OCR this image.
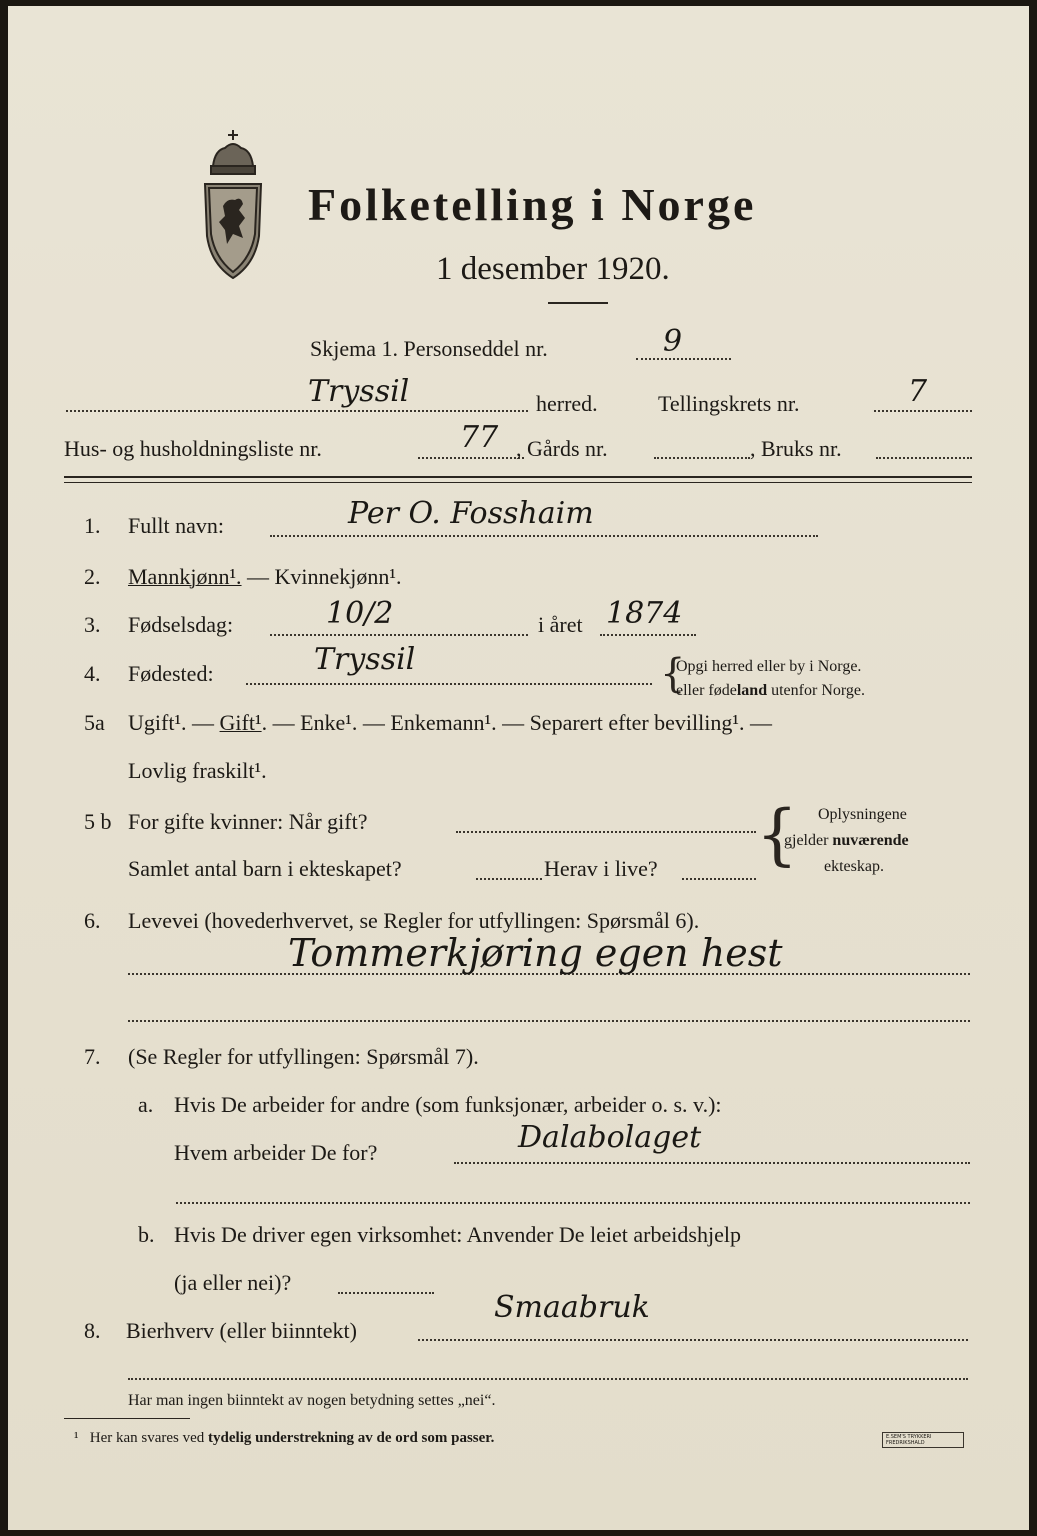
Folketelling i Norge
1 desember 1920.
Skjema 1. Personseddel nr.	9
Tryssil	herred.	Tellingskrets nr.	7
Hus- og husholdningsliste nr.	77 , Gårds nr.	, Bruks nr.
1. Fullt navn:	Per O. Fosshaim
2. Mannkjønn¹. — Kvinnekjønn¹.
3. Fødselsdag:	10/2	i året 1874
4. Fødested:	Tryssil	{
Opgi herred eller by i Norge.
eller fødeland utenfor Norge.
5a Ugift¹. — Gift¹. — Enke¹. — Enkemann¹. — Separert efter bevilling¹. —
Lovlig fraskilt¹.
5 b For gifte kvinner: Når gift?
Samlet antal barn i ekteskapet?	Herav i live? { Oplysningene
gjelder nuværende
ekteskap.
6. Levevei (hovederhvervet, se Regler for utfyllingen: Spørsmål 6).
Tommerkjøring egen hest
7. (Se Regler for utfyllingen: Spørsmål 7).
a. Hvis De arbeider for andre (som funksjonær, arbeider o. s. v.):
Hvem arbeider De for?	Dalabolaget
b. Hvis De driver egen virksomhet: Anvender De leiet arbeidshjelp
(ja eller nei)?
8. Bierhverv (eller biinntekt)
Smaabruk
Har man ingen biinntekt av nogen betydning settes „nei“.
¹ Her kan svares ved tydelig understrekning av de ord som passer.	E.SEM'S TRYKKERI
FREDRIKSHALD
